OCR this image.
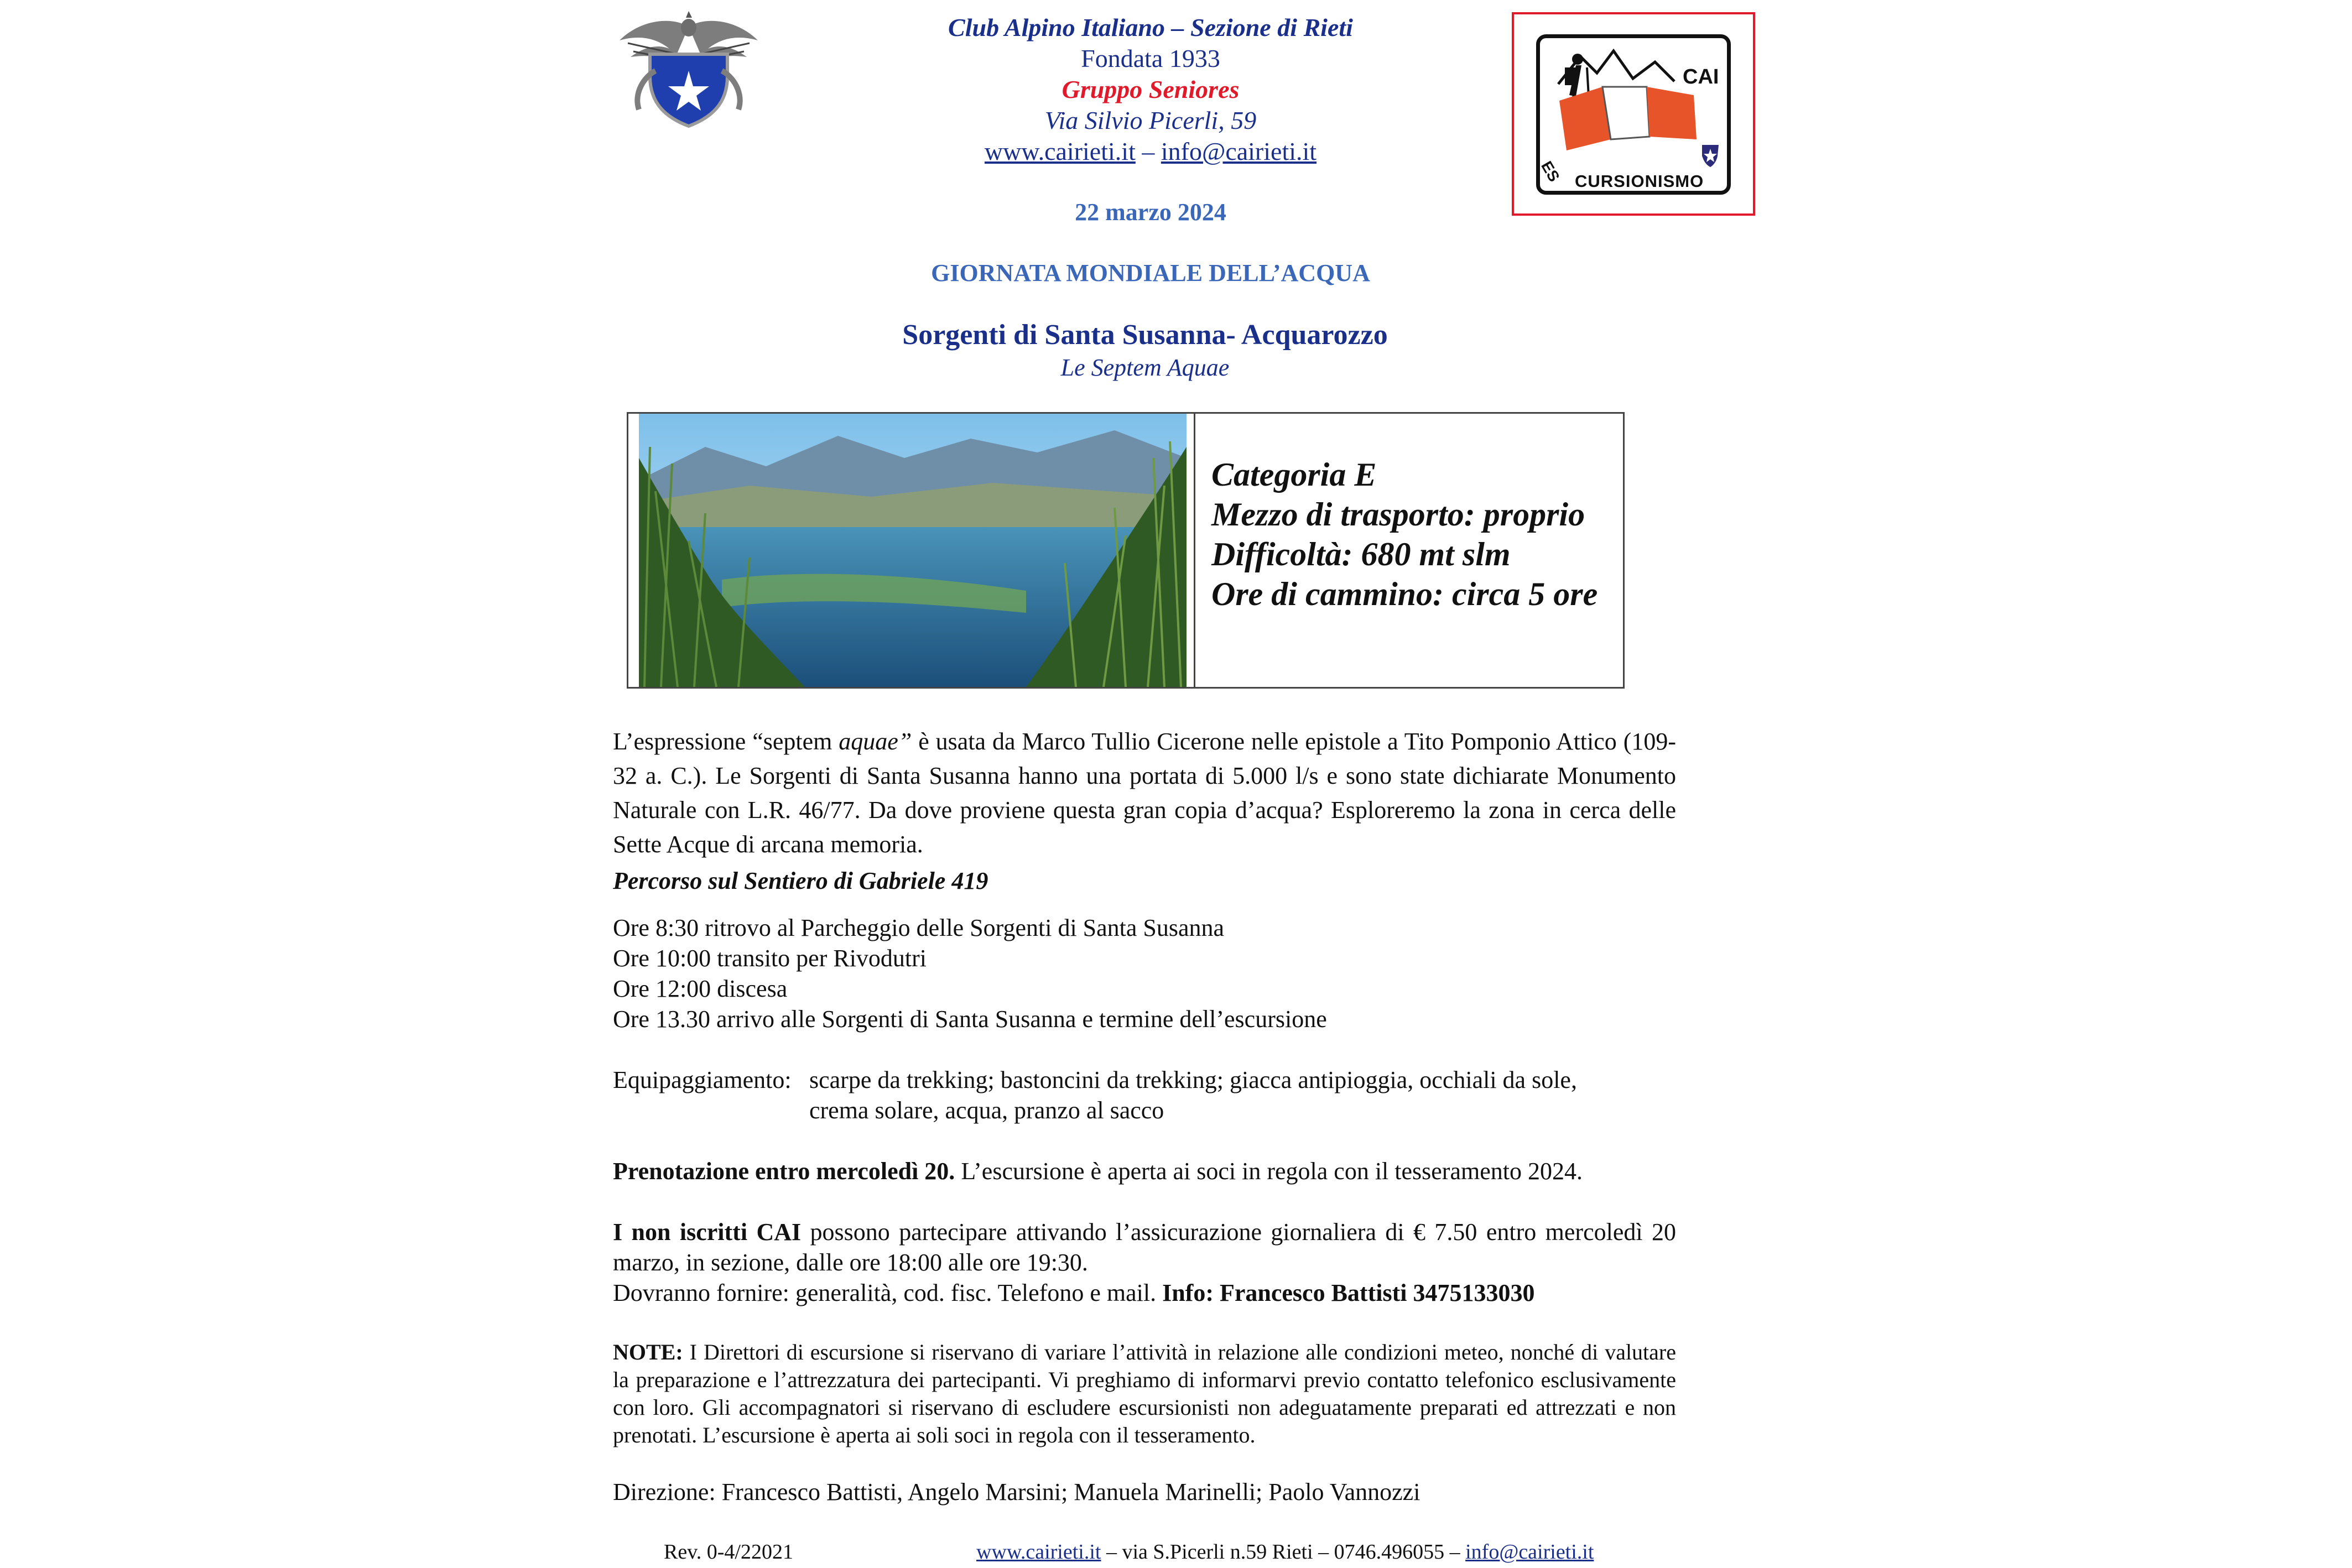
CAI
ES CURSIONISMO
Club Alpino Italiano – Sezione di Rieti
Fondata 1933
Gruppo Seniores
Via Silvio Picerli, 59
www.cairieti.it – info@cairieti.it
22 marzo 2024
GIORNATA MONDIALE DELL’ACQUA
Sorgenti di Santa Susanna- Acquarozzo
Le Septem Aquae
Categoria E
Mezzo di trasporto: proprio
Difficoltà: 680 mt slm
Ore di cammino: circa 5 ore
L’espressione “septem aquae” è usata da Marco Tullio Cicerone nelle epistole a Tito Pomponio Attico (109-32 a. C.). Le Sorgenti di Santa Susanna hanno una portata di 5.000 l/s e sono state dichiarate Monumento Naturale con L.R. 46/77. Da dove proviene questa gran copia d’acqua? Esploreremo la zona in cerca delle Sette Acque di arcana memoria.
Percorso sul Sentiero di Gabriele 419
Ore 8:30 ritrovo al Parcheggio delle Sorgenti di Santa Susanna
Ore 10:00 transito per Rivodutri
Ore 12:00 discesa
Ore 13.30 arrivo alle Sorgenti di Santa Susanna e termine dell’escursione
Equipaggiamento: scarpe da trekking; bastoncini da trekking; giacca antipioggia, occhiali da sole,
crema solare, acqua, pranzo al sacco
Prenotazione entro mercoledì 20. L’escursione è aperta ai soci in regola con il tesseramento 2024.
I non iscritti CAI possono partecipare attivando l’assicurazione giornaliera di € 7.50 entro mercoledì 20 marzo, in sezione, dalle ore 18:00 alle ore 19:30.
Dovranno fornire: generalità, cod. fisc. Telefono e mail. Info: Francesco Battisti 3475133030
NOTE: I Direttori di escursione si riservano di variare l’attività in relazione alle condizioni meteo, nonché di valutare la preparazione e l’attrezzatura dei partecipanti. Vi preghiamo di informarvi previo contatto telefonico esclusivamente con loro. Gli accompagnatori si riservano di escludere escursionisti non adeguatamente preparati ed attrezzati e non prenotati. L’escursione è aperta ai soli soci in regola con il tesseramento.
Direzione: Francesco Battisti, Angelo Marsini; Manuela Marinelli; Paolo Vannozzi
Rev. 0-4/22021	www.cairieti.it – via S.Picerli n.59 Rieti – 0746.496055 – info@cairieti.it
